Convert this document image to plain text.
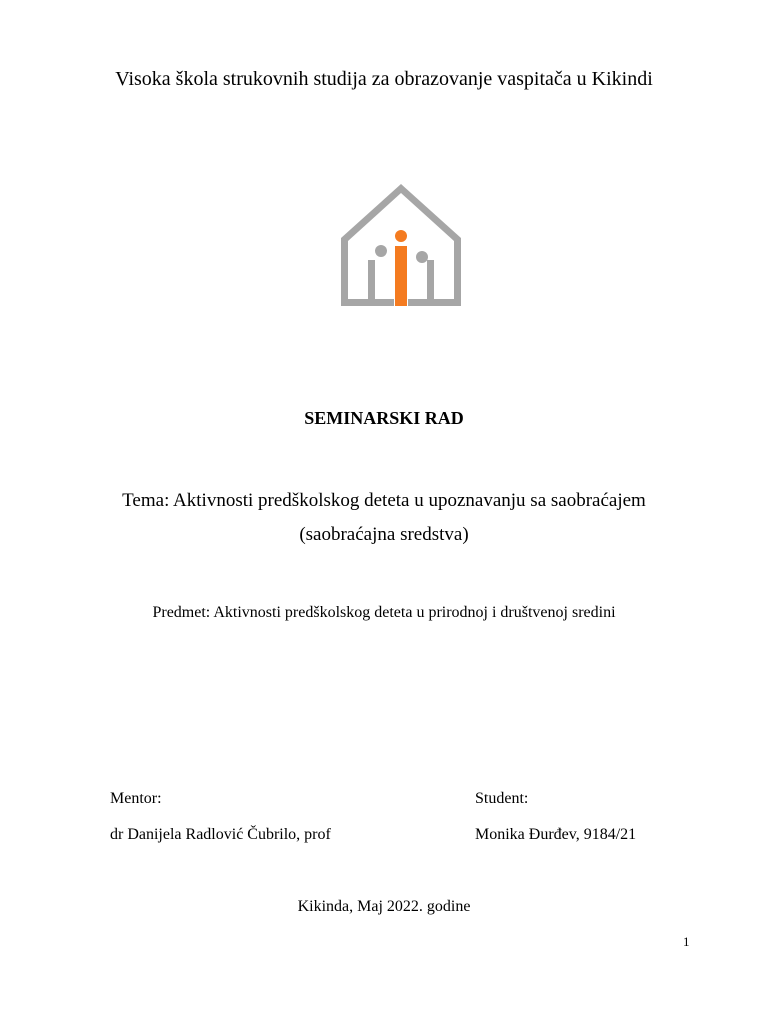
Visoka škola strukovnih studija za obrazovanje vaspitača u Kikindi
SEMINARSKI RAD
Tema: Aktivnosti predškolskog deteta u upoznavanju sa saobraćajem
(saobraćajna sredstva)
Predmet: Aktivnosti predškolskog deteta u prirodnoj i društvenoj sredini
Mentor:
dr Danijela Radlović Čubrilo, prof
Student:
Monika Đurđev, 9184/21
Kikinda, Maj 2022. godine
1
